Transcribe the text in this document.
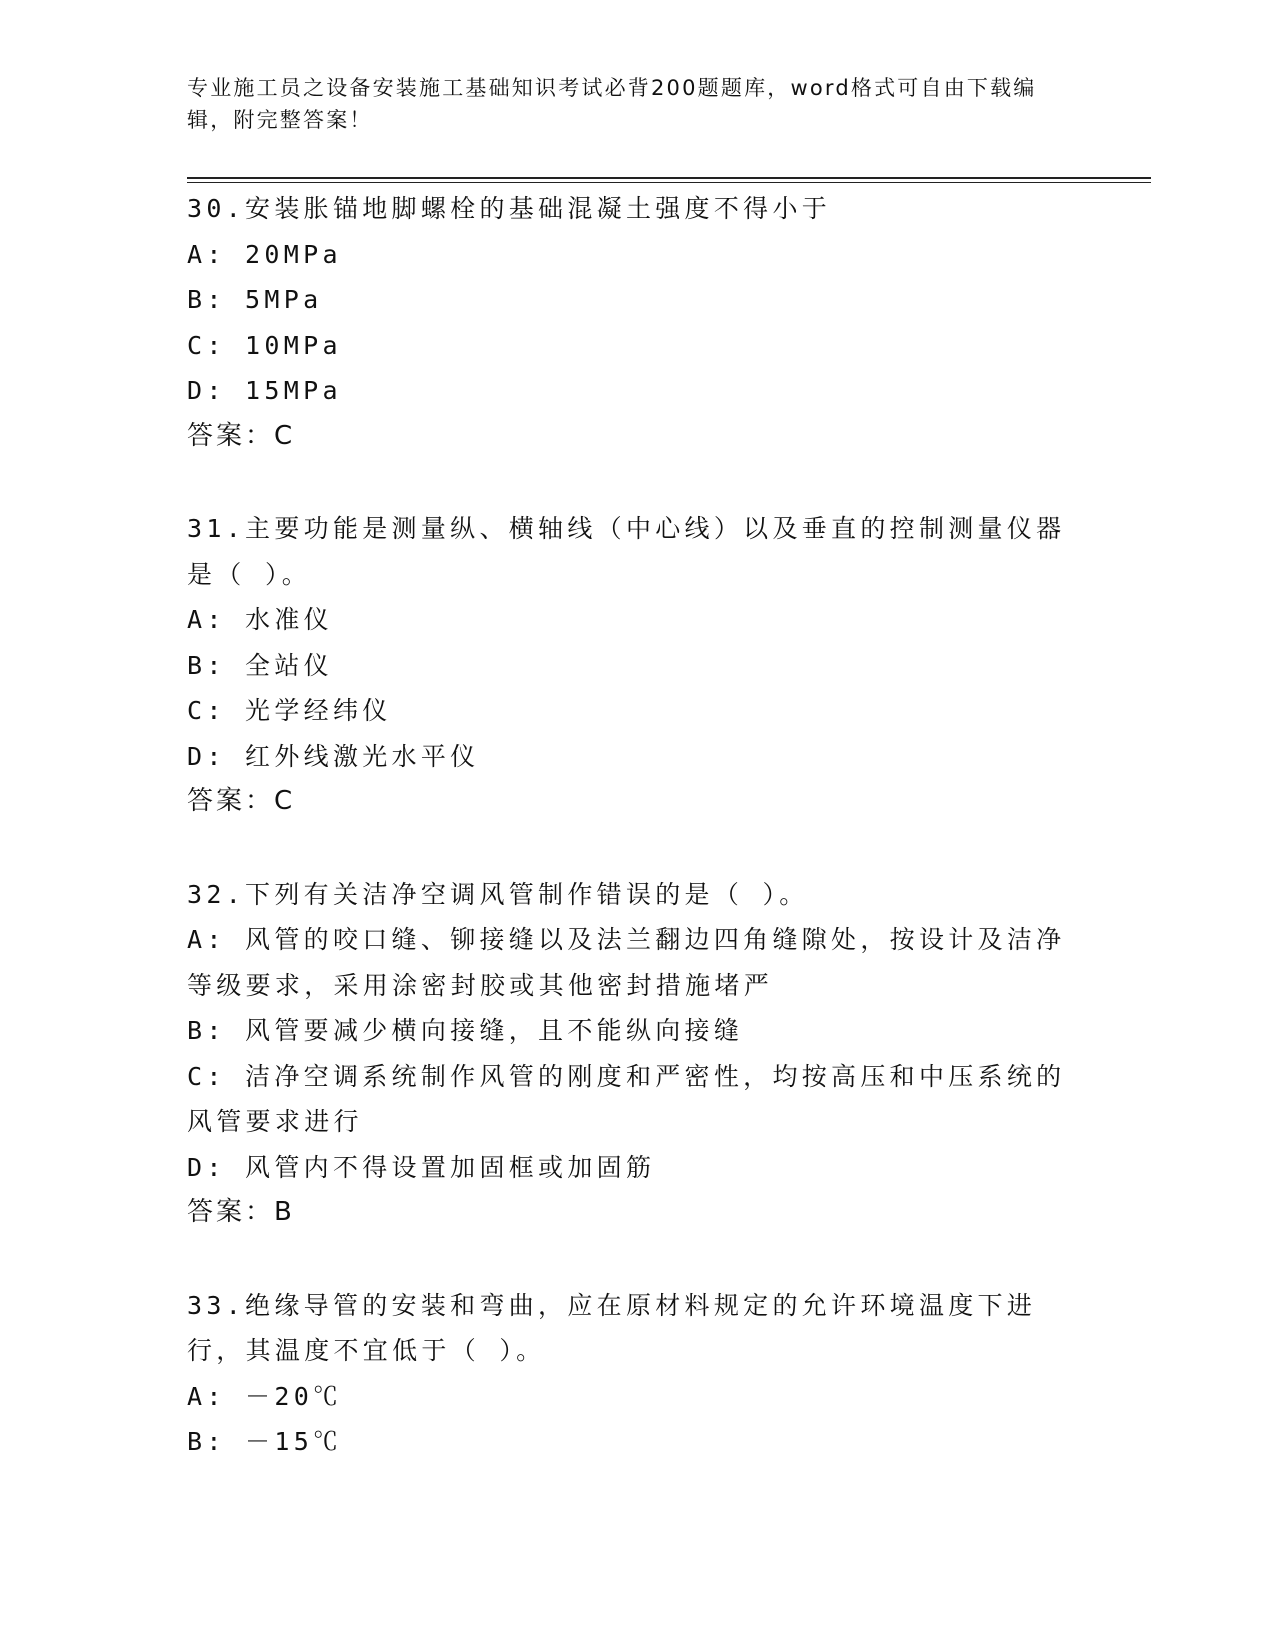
专业施工员之设备安装施工基础知识考试必背200题题库，word格式可自由下载编辑，附完整答案！

30.安装胀锚地脚螺栓的基础混凝土强度不得小于

A: 20MPa

B: 5MPa

C: 10MPa

D: 15MPa

答案：C

31.主要功能是测量纵、横轴线（中心线）以及垂直的控制测量仪器是（ ）。

A: 水准仪

B: 全站仪

C: 光学经纬仪

D: 红外线激光水平仪

答案：C

32.下列有关洁净空调风管制作错误的是（ ）。

A: 风管的咬口缝、铆接缝以及法兰翻边四角缝隙处，按设计及洁净等级要求，采用涂密封胶或其他密封措施堵严

B: 风管要减少横向接缝，且不能纵向接缝

C: 洁净空调系统制作风管的刚度和严密性，均按高压和中压系统的风管要求进行

D: 风管内不得设置加固框或加固筋

答案：B

33.绝缘导管的安装和弯曲，应在原材料规定的允许环境温度下进行，其温度不宜低于（ ）。

A: －20℃

B: －15℃
